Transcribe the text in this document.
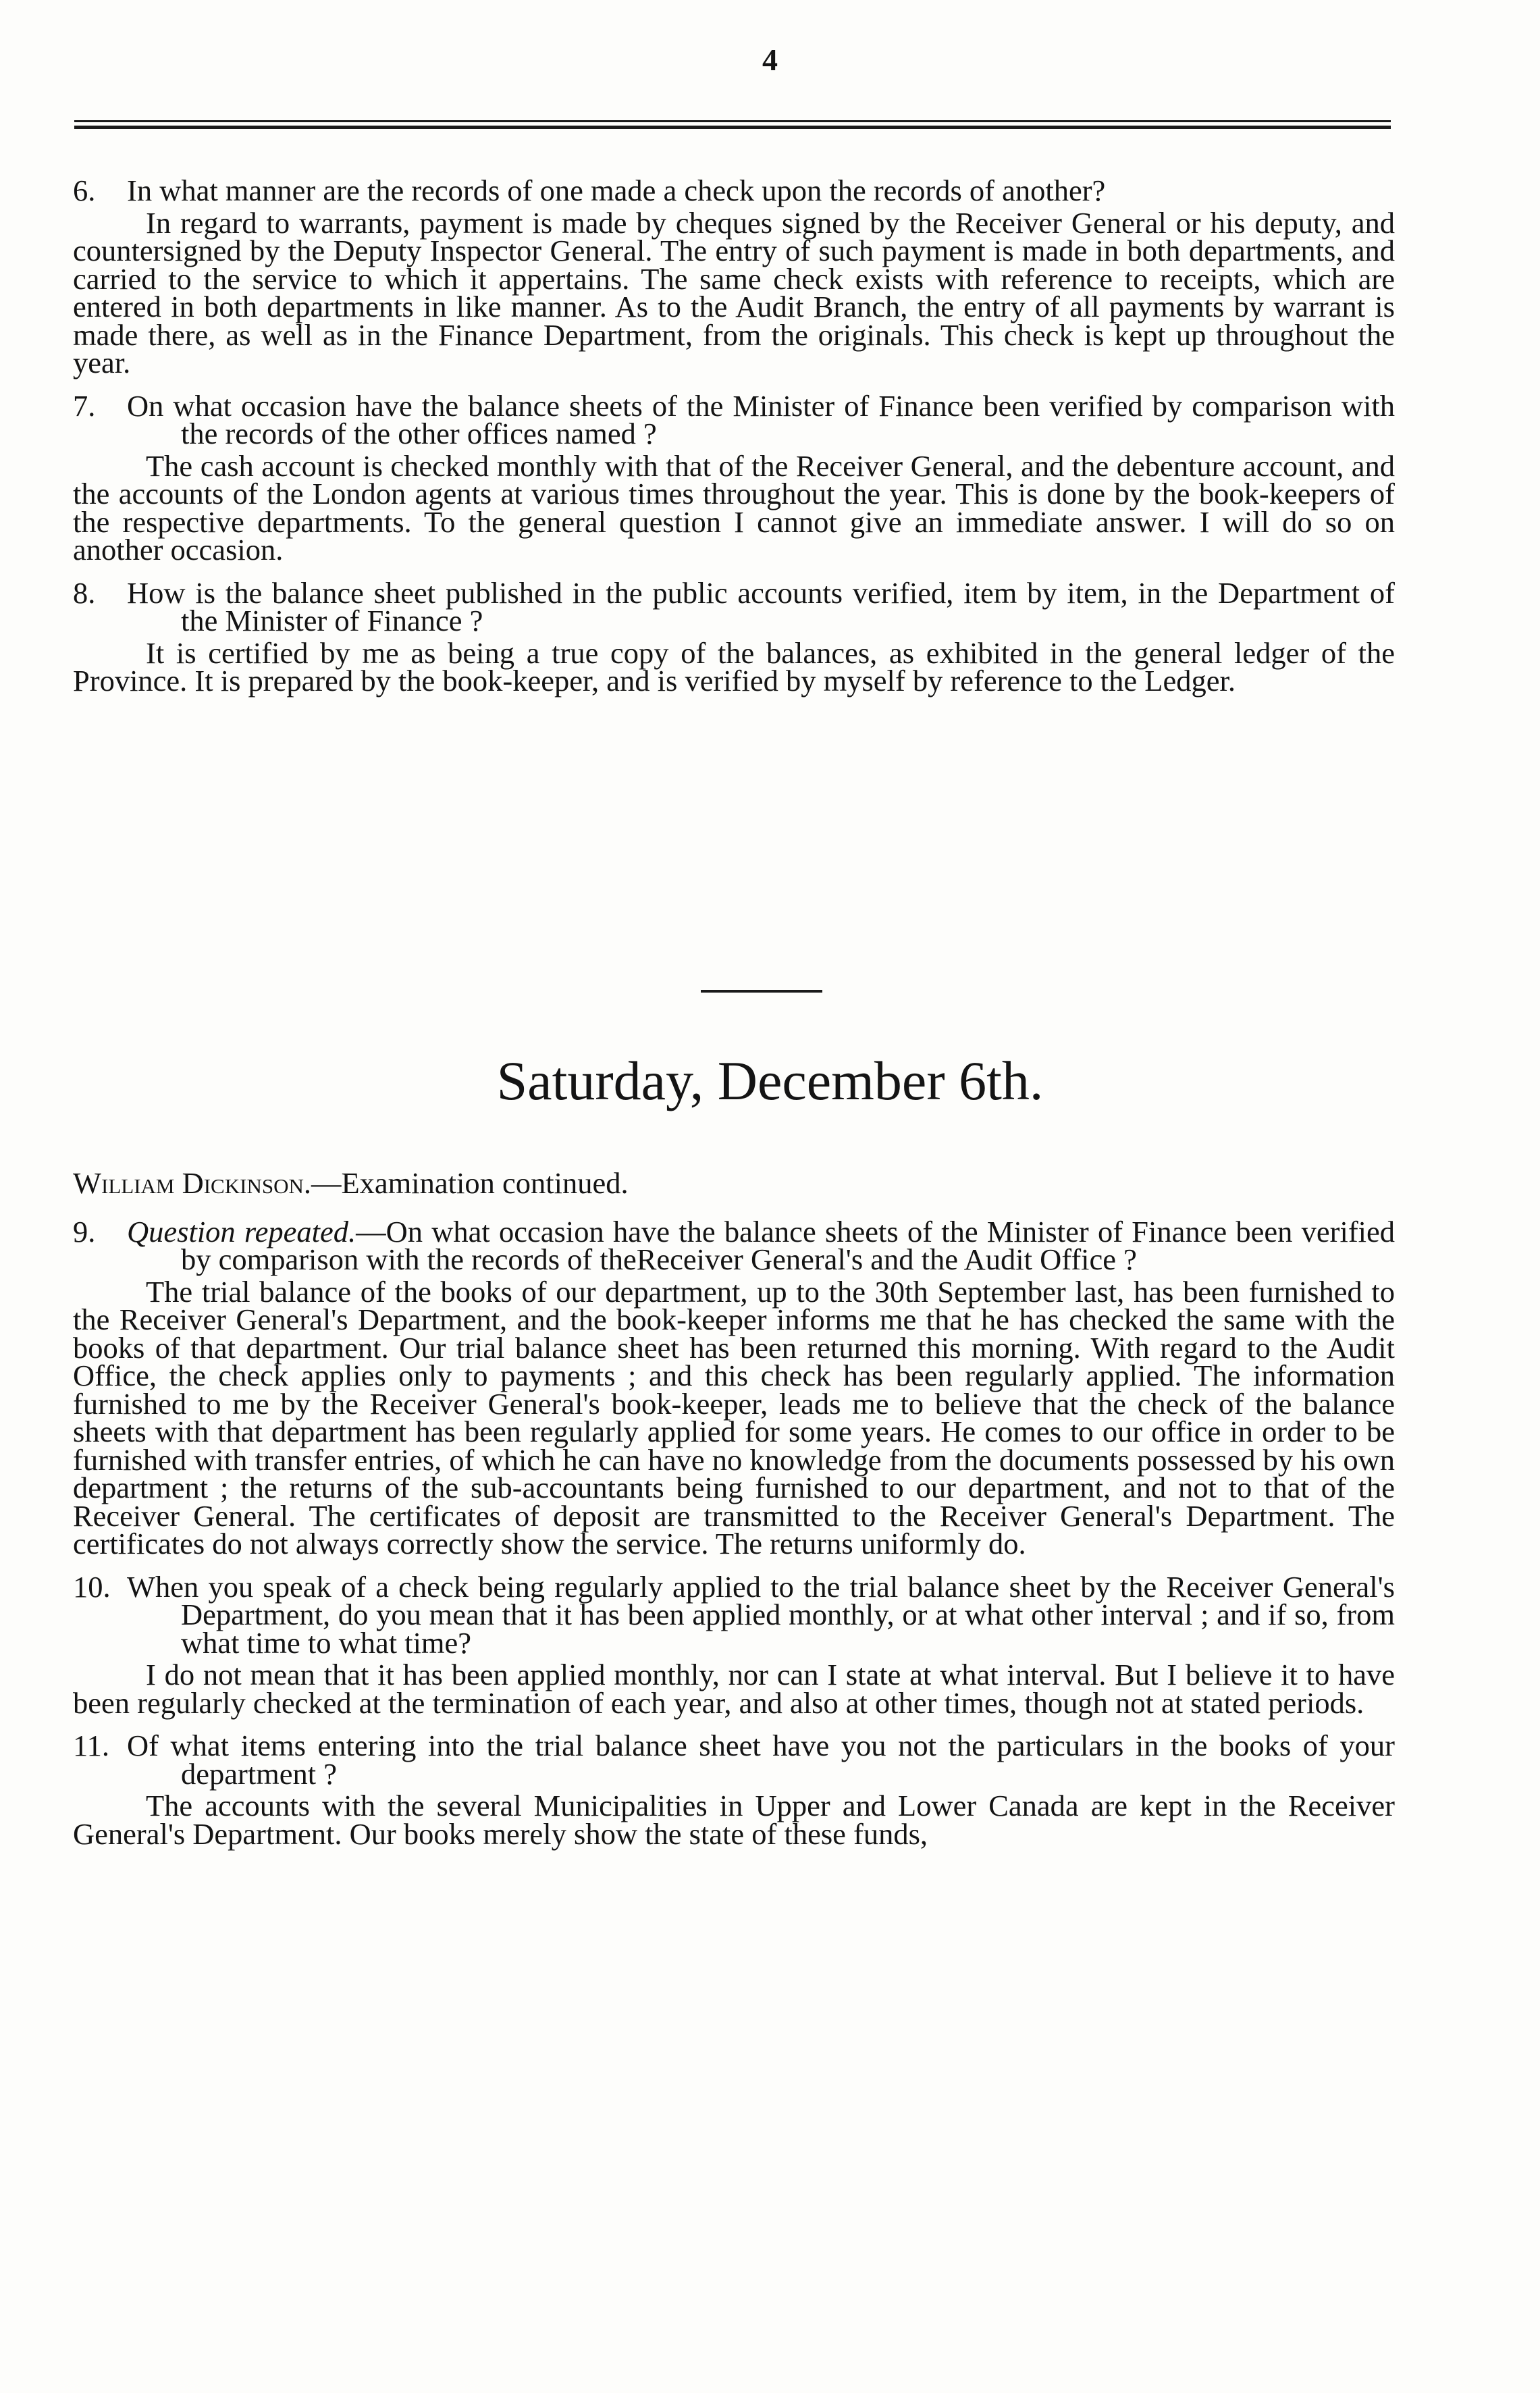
4
6. In what manner are the records of one made a check upon the records of another?
In regard to warrants, payment is made by cheques signed by the Receiver General or his deputy, and countersigned by the Deputy Inspector General. The entry of such payment is made in both departments, and carried to the service to which it appertains. The same check exists with reference to receipts, which are entered in both departments in like manner. As to the Audit Branch, the entry of all payments by warrant is made there, as well as in the Finance Department, from the originals. This check is kept up throughout the year.
7. On what occasion have the balance sheets of the Minister of Finance been verified by comparison with the records of the other offices named ?
The cash account is checked monthly with that of the Receiver General, and the debenture account, and the accounts of the London agents at various times throughout the year. This is done by the book-keepers of the respective departments. To the general question I cannot give an immediate answer. I will do so on another occasion.
8. How is the balance sheet published in the public accounts verified, item by item, in the Department of the Minister of Finance ?
It is certified by me as being a true copy of the balances, as exhibited in the general ledger of the Province. It is prepared by the book-keeper, and is verified by myself by reference to the Ledger.
Saturday, December 6th.
William Dickinson.—Examination continued.
9. Question repeated.—On what occasion have the balance sheets of the Minister of Finance been verified by comparison with the records of theReceiver General's and the Audit Office ?
The trial balance of the books of our department, up to the 30th September last, has been furnished to the Receiver General's Department, and the book-keeper informs me that he has checked the same with the books of that department. Our trial balance sheet has been returned this morning. With regard to the Audit Office, the check applies only to payments ; and this check has been regularly applied. The information furnished to me by the Receiver General's book-keeper, leads me to believe that the check of the balance sheets with that department has been regularly applied for some years. He comes to our office in order to be furnished with transfer entries, of which he can have no knowledge from the documents possessed by his own department ; the returns of the sub-accountants being furnished to our department, and not to that of the Receiver General. The certificates of deposit are transmitted to the Receiver General's Department. The certificates do not always correctly show the service. The returns uniformly do.
10. When you speak of a check being regularly applied to the trial balance sheet by the Receiver General's Department, do you mean that it has been applied monthly, or at what other interval ; and if so, from what time to what time?
I do not mean that it has been applied monthly, nor can I state at what interval. But I believe it to have been regularly checked at the termination of each year, and also at other times, though not at stated periods.
11. Of what items entering into the trial balance sheet have you not the particulars in the books of your department ?
The accounts with the several Municipalities in Upper and Lower Canada are kept in the Receiver General's Department. Our books merely show the state of these funds,
